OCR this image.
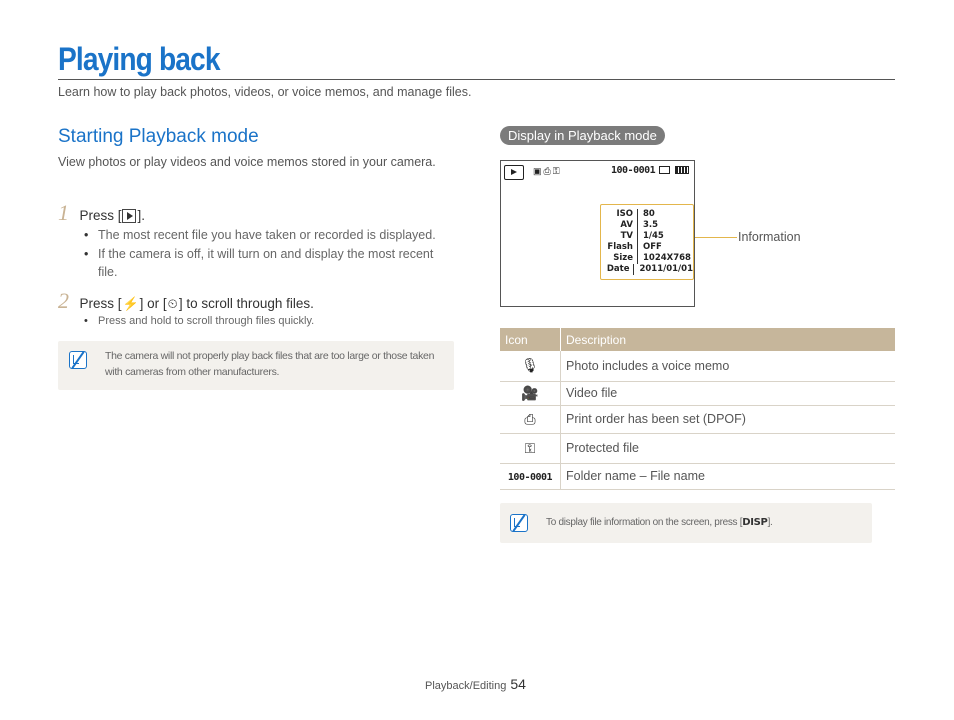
Playing back
Learn how to play back photos, videos, or voice memos, and manage files.
Starting Playback mode
View photos or play videos and voice memos stored in your camera.
1 Press [ ].
• The most recent file you have taken or recorded is displayed.
• If the camera is off, it will turn on and display the most recent file.
2 Press [⚡] or [⏲] to scroll through files.
• Press and hold to scroll through files quickly.
The camera will not properly play back files that are too large or those taken with cameras from other manufacturers.
Display in Playback mode
▣⎙⚿	100-0001
ISO	80
AV	3.5
TV	1/45
Flash	OFF
Size	1024X768
Date	2011/01/01
Information
Icon	Description
🎙	Photo includes a voice memo
🎥	Video file
⎙	Print order has been set (DPOF)
⚿	Protected file
100-0001	Folder name – File name
To display file information on the screen, press [DISP].
Playback/Editing 54
